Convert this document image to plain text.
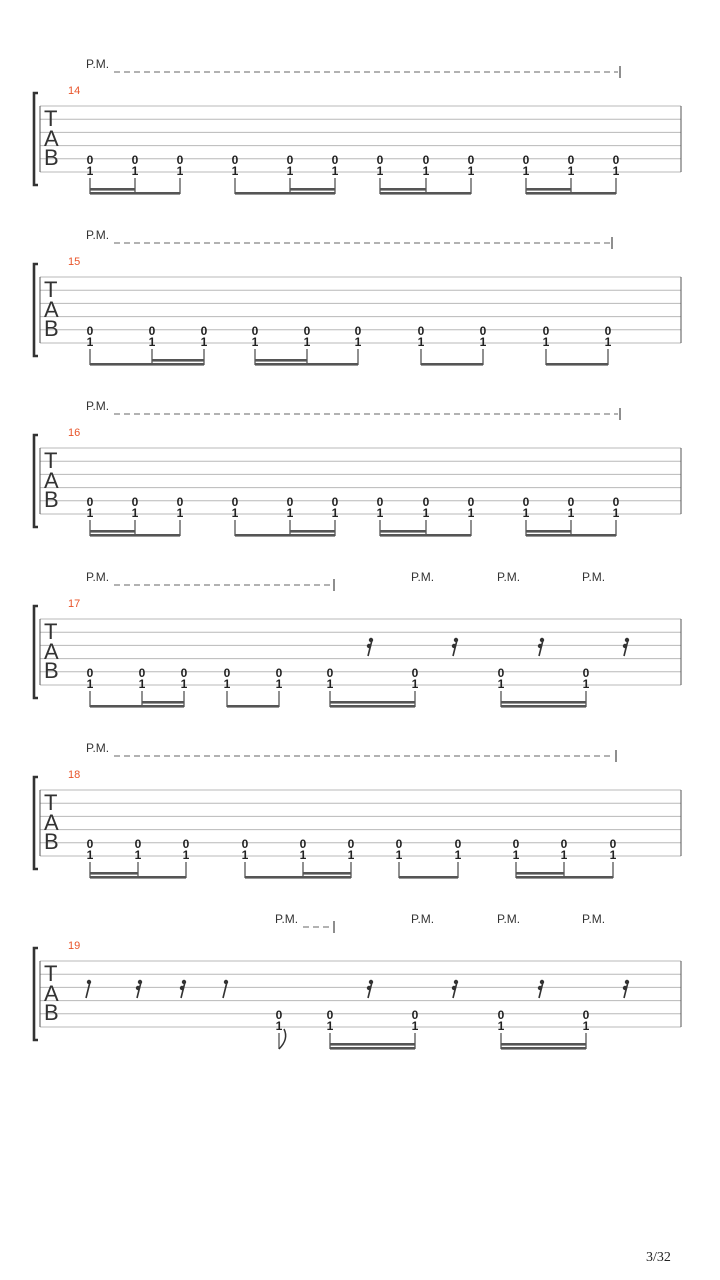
P.M.
14
T
A
B 0
1
0
1
0
1
0
1
0
1
0
1
0
1
0
1
0
1
0
1
0
1
0
1
P.M.
15
T
A
B 0
1
0
1
0
1
0
1
0
1
0
1
0
1
0
1
0
1
0
1
P.M.
16
T
A
B 0
1
0
1
0
1
0
1
0
1
0
1
0
1
0
1
0
1
0
1
0
1
0
1
P.M.	P.M.	P.M.	P.M.
17
T
A
B 0
1
0
1
0
1
0
1
0
1
0
1
0
1
0
1
0
1
P.M.
18
T
A
B 0
1
0
1
0
1
0
1
0
1
0
1
0
1
0
1
0
1
0
1
0
1
P.M.	P.M.	P.M.	P.M.
19
T
A
B	0
1
0
1
0
1
0
1
0
1
3/32
